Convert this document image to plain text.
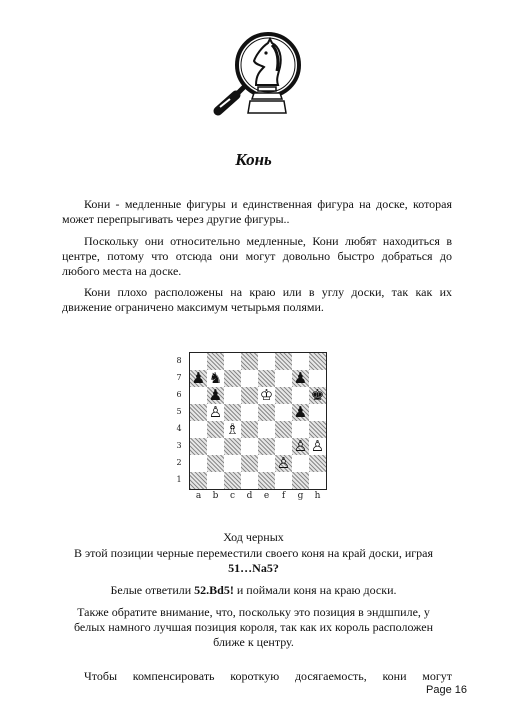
Конь

Кони - медленные фигуры и единственная фигура на доске, которая может перепрыгивать через другие фигуры..

Поскольку они относительно медленные, Кони любят находиться в центре, потому что отсюда они могут довольно быстро добраться до любого места на доске.

Кони плохо расположены на краю или в углу доски, так как их движение ограничено максимум четырьмя полями.

8
7
6
5
4
3
2
1
♟ ♞	♟
♟	♔	♚
♙	♟
♗
♙ ♙
♙
a	b	c	d	e	f	g	h

Ход черных

В этой позиции черные переместили своего коня на край доски, играя

51…Na5?

Белые ответили 52.Bd5! и поймали коня на краю доски.

Также обратите внимание, что, поскольку это позиция в эндшпиле, у

белых намного лучшая позиция короля, так как их король расположен

ближе к центру.

Чтобы компенсировать короткую досягаемость, кони могут

Page 16
